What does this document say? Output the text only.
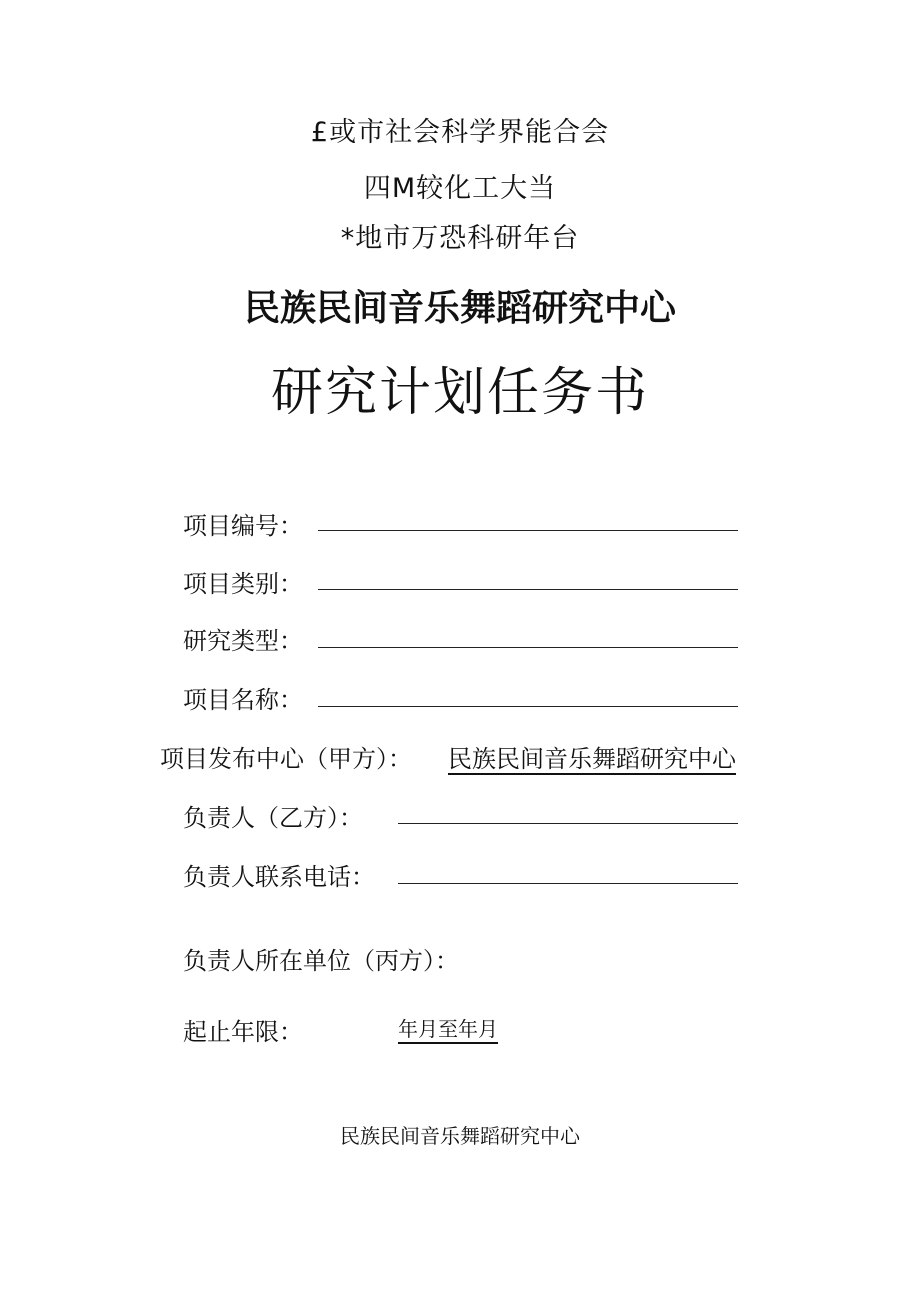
£或市社会科学界能合会
四M较化工大当
*地市万恐科研年台
民族民间音乐舞蹈研究中心
研究计划任务书
项目编号：
项目类别：
研究类型：
项目名称：
项目发布中心（甲方）： 民族民间音乐舞蹈研究中心
负责人（乙方）：
负责人联系电话：
负责人所在单位（丙方）：
起止年限：	年月至年月
民族民间音乐舞蹈研究中心
